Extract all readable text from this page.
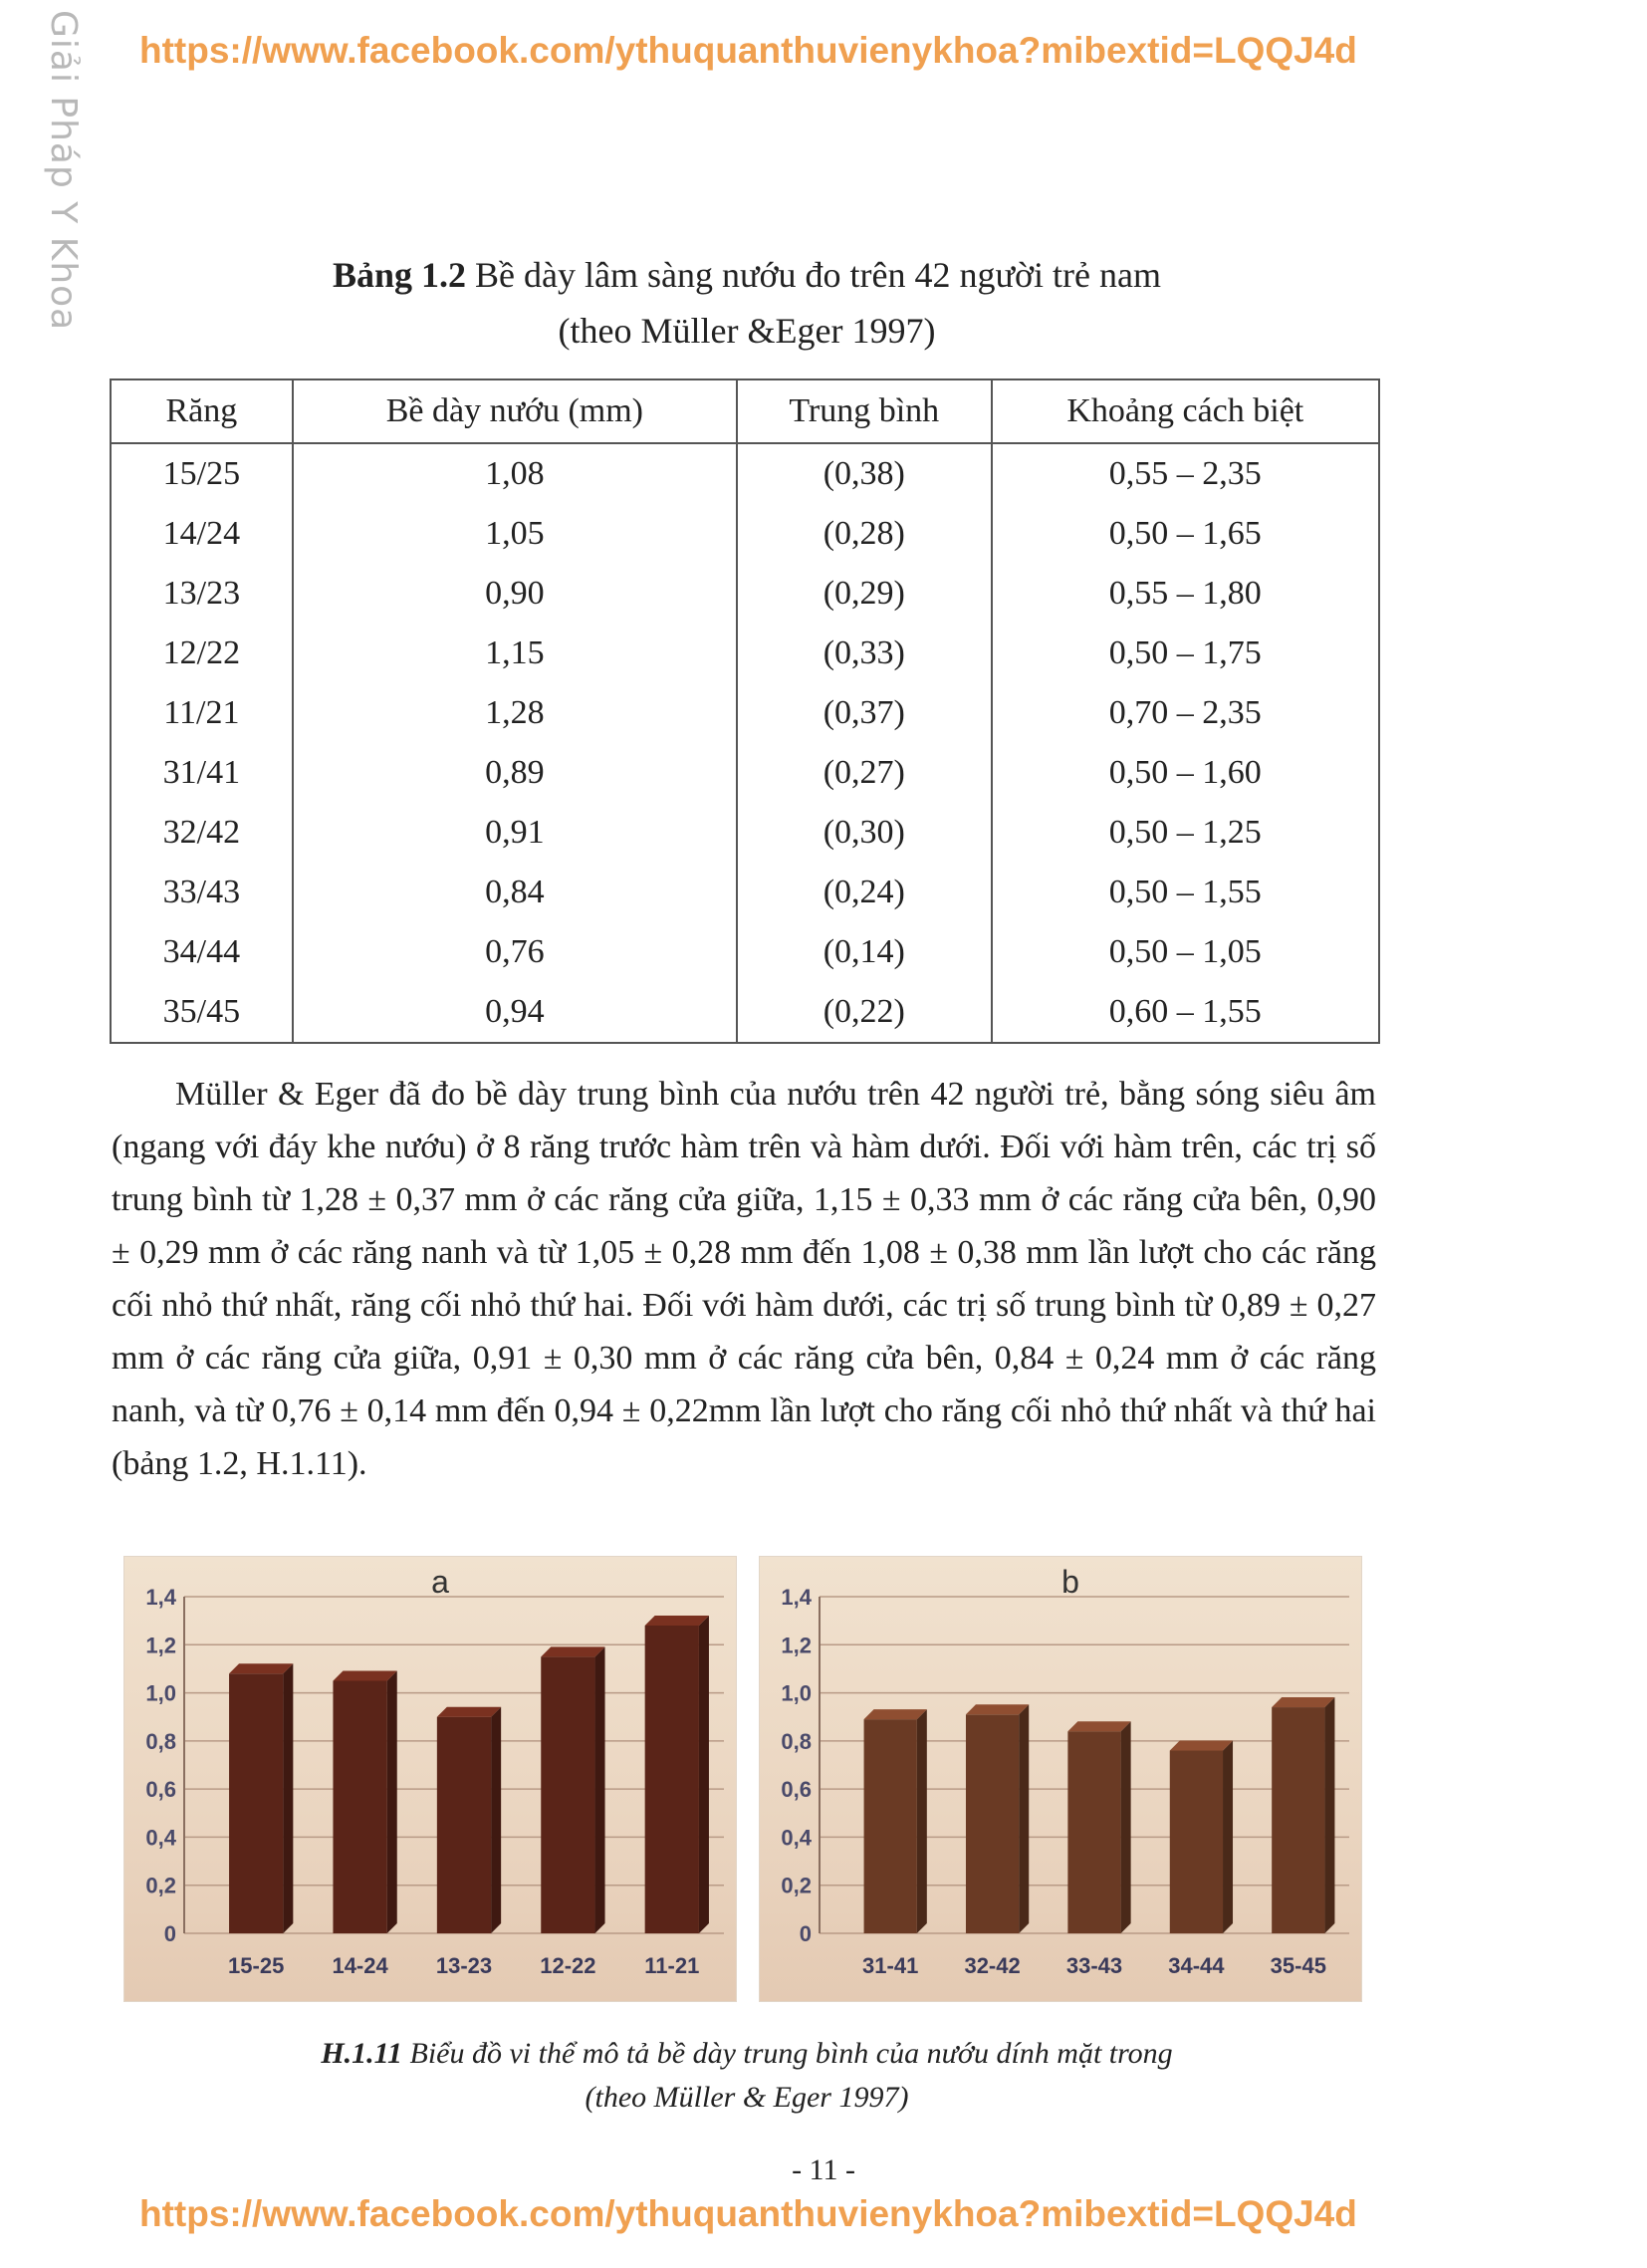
Giải Pháp Y Khoa	https://www.facebook.com/ythuquanthuvienykhoa?mibextid=LQQJ4d
Bảng 1.2 Bề dày lâm sàng nướu đo trên 42 người trẻ nam
(theo Müller &Eger 1997)
Răng	Bề dày nướu (mm)	Trung bình	Khoảng cách biệt
15/25	1,08	(0,38)	0,55 – 2,35
14/24	1,05	(0,28)	0,50 – 1,65
13/23	0,90	(0,29)	0,55 – 1,80
12/22	1,15	(0,33)	0,50 – 1,75
11/21	1,28	(0,37)	0,70 – 2,35
31/41	0,89	(0,27)	0,50 – 1,60
32/42	0,91	(0,30)	0,50 – 1,25
33/43	0,84	(0,24)	0,50 – 1,55
34/44	0,76	(0,14)	0,50 – 1,05
35/45	0,94	(0,22)	0,60 – 1,55

Müller & Eger đã đo bề dày trung bình của nướu trên 42 người trẻ, bằng sóng siêu âm (ngang với đáy khe nướu) ở 8 răng trước hàm trên và hàm dưới. Đối với hàm trên, các trị số trung bình từ 1,28 ± 0,37 mm ở các răng cửa giữa, 1,15 ± 0,33 mm ở các răng cửa bên, 0,90 ± 0,29 mm ở các răng nanh và từ 1,05 ± 0,28 mm đến 1,08 ± 0,38 mm lần lượt cho các răng cối nhỏ thứ nhất, răng cối nhỏ thứ hai. Đối với hàm dưới, các trị số trung bình từ 0,89 ± 0,27 mm ở các răng cửa giữa, 0,91 ± 0,30 mm ở các răng cửa bên, 0,84 ± 0,24 mm ở các răng nanh, và từ 0,76 ± 0,14 mm đến 0,94 ± 0,22mm lần lượt cho răng cối nhỏ thứ nhất và thứ hai (bảng 1.2, H.1.11).

0
0,2
0,4
0,6
0,8
1,0
1,2
1,4	a
15-25 14-24 13-23 12-22 11-21
0
0,2
0,4
0,6
0,8
1,0
1,2
1,4	b
31-41 32-42 33-43 34-44 35-45
H.1.11 Biểu đồ vi thể mô tả bề dày trung bình của nướu dính mặt trong
(theo Müller & Eger 1997)
- 11 -
https://www.facebook.com/ythuquanthuvienykhoa?mibextid=LQQJ4d
